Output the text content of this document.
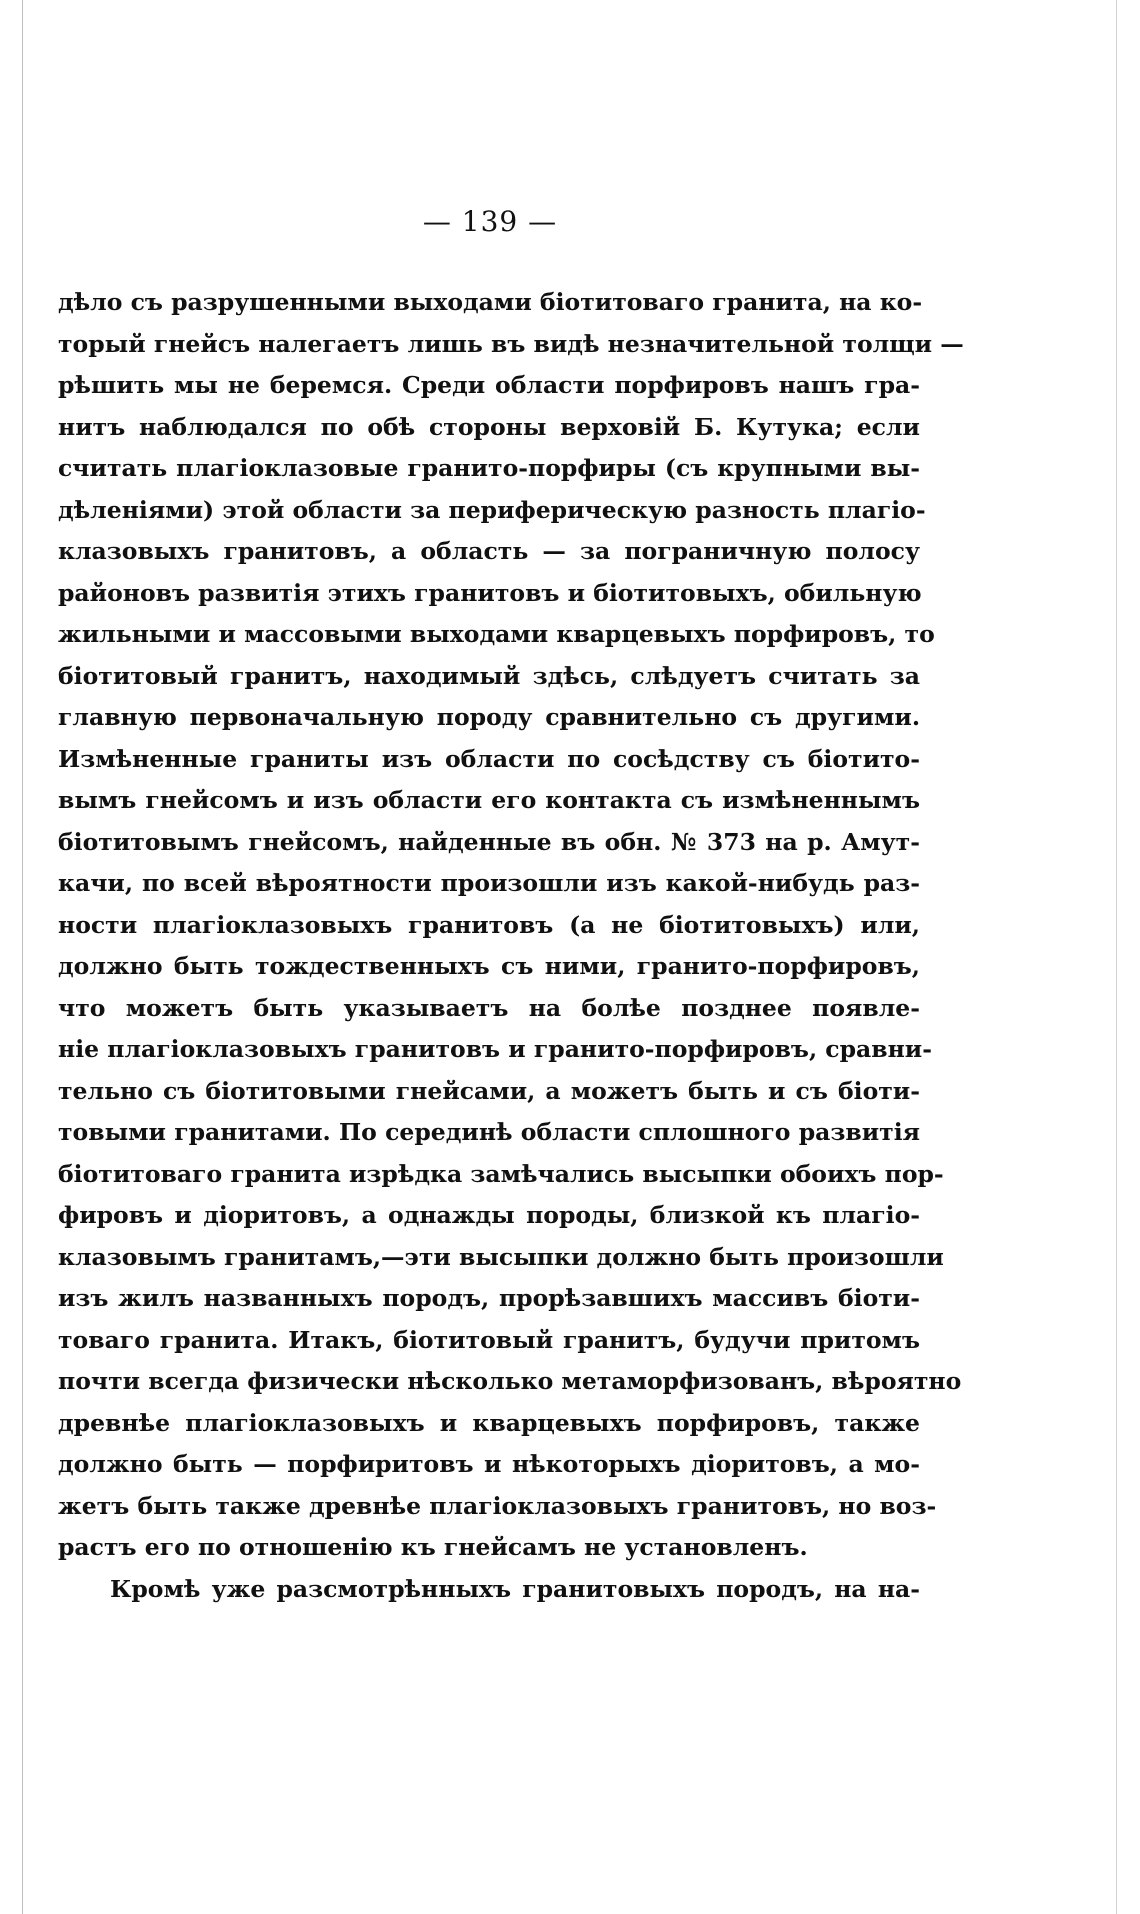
— 139 —
дѣло съ разрушенными выходами біотитоваго гранита, на ко-
торый гнейсъ налегаетъ лишь въ видѣ незначительной толщи —
рѣшить мы не беремся. Среди области порфировъ нашъ гра-
нитъ наблюдался по обѣ стороны верховій Б. Кутука; если
считать плагіоклазовые гранито-порфиры (съ крупными вы-
дѣленіями) этой области за периферическую разность плагіо-
клазовыхъ гранитовъ, а область — за пограничную полосу
районовъ развитія этихъ гранитовъ и біотитовыхъ, обильную
жильными и массовыми выходами кварцевыхъ порфировъ, то
біотитовый гранитъ, находимый здѣсь, слѣдуетъ считать за
главную первоначальную породу сравнительно съ другими.
Измѣненные граниты изъ области по сосѣдству съ біотито-
вымъ гнейсомъ и изъ области его контакта съ измѣненнымъ
біотитовымъ гнейсомъ, найденные въ обн. № 373 на р. Амут-
качи, по всей вѣроятности произошли изъ какой-нибудь раз-
ности плагіоклазовыхъ гранитовъ (а не біотитовыхъ) или,
должно быть тождественныхъ съ ними, гранито-порфировъ,
что можетъ быть указываетъ на болѣе позднее появле-
ніе плагіоклазовыхъ гранитовъ и гранито-порфировъ, сравни-
тельно съ біотитовыми гнейсами, а можетъ быть и съ біоти-
товыми гранитами. По серединѣ области сплошного развитія
біотитоваго гранита изрѣдка замѣчались высыпки обоихъ пор-
фировъ и діоритовъ, а однажды породы, близкой къ плагіо-
клазовымъ гранитамъ,—эти высыпки должно быть произошли
изъ жилъ названныхъ породъ, прорѣзавшихъ массивъ біоти-
товаго гранита. Итакъ, біотитовый гранитъ, будучи притомъ
почти всегда физически нѣсколько метаморфизованъ, вѣроятно
древнѣе плагіоклазовыхъ и кварцевыхъ порфировъ, также
должно быть — порфиритовъ и нѣкоторыхъ діоритовъ, а мо-
жетъ быть также древнѣе плагіоклазовыхъ гранитовъ, но воз-
растъ его по отношенію къ гнейсамъ не установленъ.
Кромѣ уже разсмотрѣнныхъ гранитовыхъ породъ, на на-
